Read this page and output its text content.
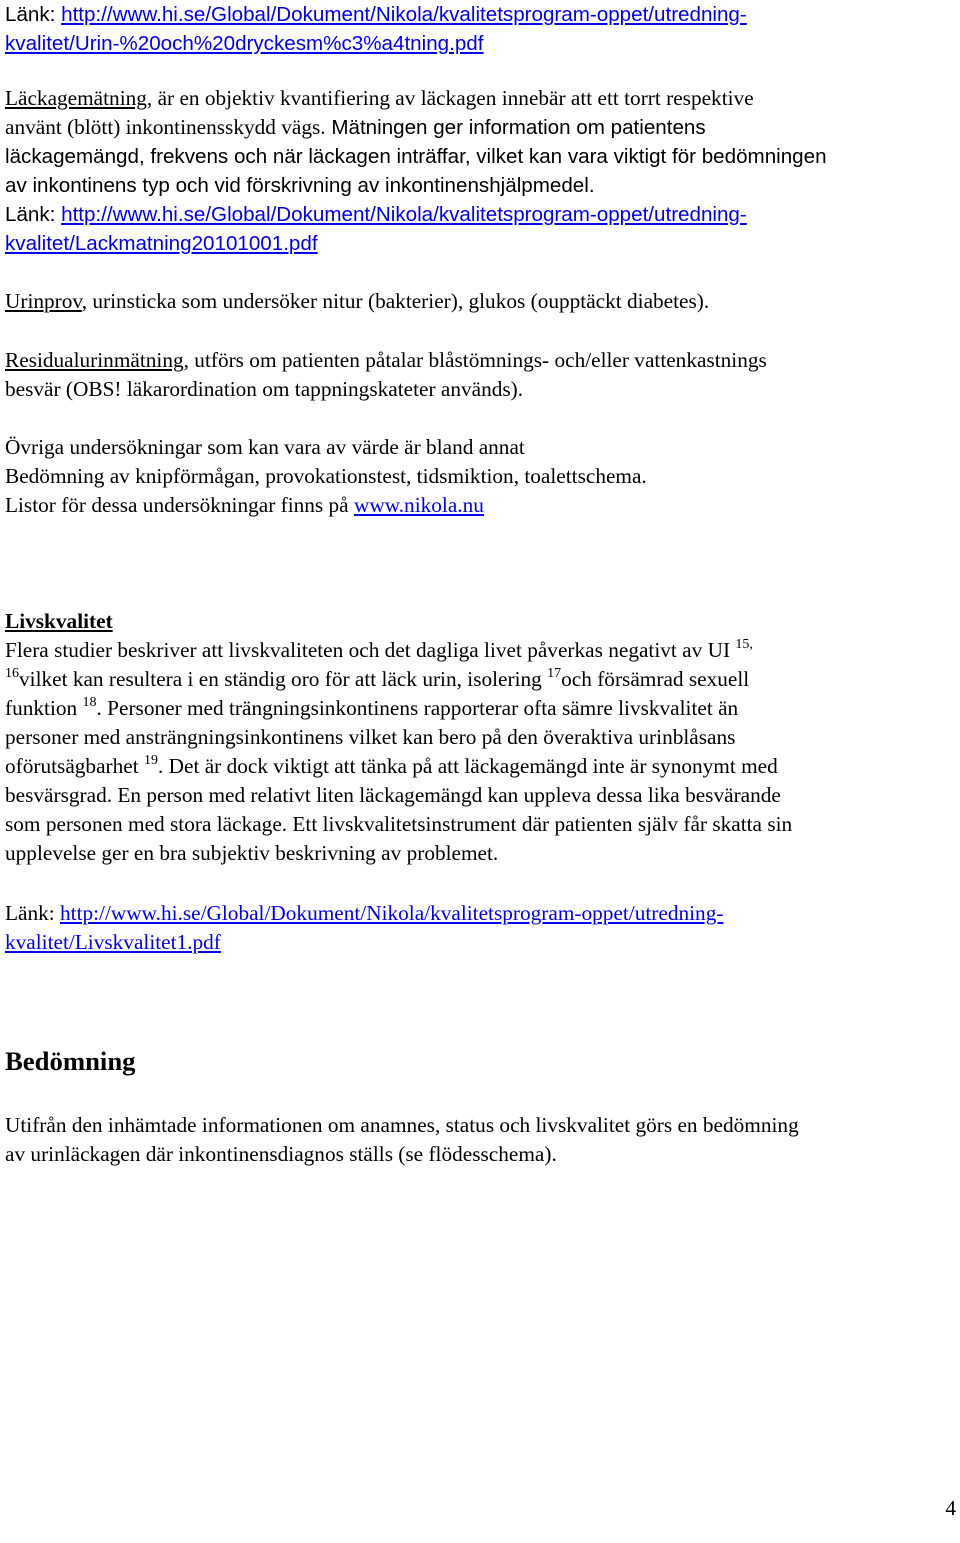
Länk: http://www.hi.se/Global/Dokument/Nikola/kvalitetsprogram-oppet/utredning-
kvalitet/Urin-%20och%20dryckesm%c3%a4tning.pdf
Läckagemätning, är en objektiv kvantifiering av läckagen innebär att ett torrt respektive
använt (blött) inkontinensskydd vägs. Mätningen ger information om patientens
läckagemängd, frekvens och när läckagen inträffar, vilket kan vara viktigt för bedömningen
av inkontinens typ och vid förskrivning av inkontinenshjälpmedel.
Länk: http://www.hi.se/Global/Dokument/Nikola/kvalitetsprogram-oppet/utredning-
kvalitet/Lackmatning20101001.pdf
Urinprov, urinsticka som undersöker nitur (bakterier), glukos (oupptäckt diabetes).
Residualurinmätning, utförs om patienten påtalar blåstömnings- och/eller vattenkastnings
besvär (OBS! läkarordination om tappningskateter används).
Övriga undersökningar som kan vara av värde är bland annat
Bedömning av knipförmågan, provokationstest, tidsmiktion, toalettschema.
Listor för dessa undersökningar finns på www.nikola.nu
Livskvalitet
Flera studier beskriver att livskvaliteten och det dagliga livet påverkas negativt av UI $^{15,}$
$^{16}$vilket kan resultera i en ständig oro för att läck urin, isolering $^{17}$och försämrad sexuell
funktion $^{18}$. Personer med trängningsinkontinens rapporterar ofta sämre livskvalitet än
personer med ansträngningsinkontinens vilket kan bero på den överaktiva urinblåsans
oförutsägbarhet $^{19}$. Det är dock viktigt att tänka på att läckagemängd inte är synonymt med
besvärsgrad. En person med relativt liten läckagemängd kan uppleva dessa lika besvärande
som personen med stora läckage. Ett livskvalitetsinstrument där patienten själv får skatta sin
upplevelse ger en bra subjektiv beskrivning av problemet.
Länk: http://www.hi.se/Global/Dokument/Nikola/kvalitetsprogram-oppet/utredning-
kvalitet/Livskvalitet1.pdf
Bedömning
Utifrån den inhämtade informationen om anamnes, status och livskvalitet görs en bedömning
av urinläckagen där inkontinensdiagnos ställs (se flödesschema).
4
